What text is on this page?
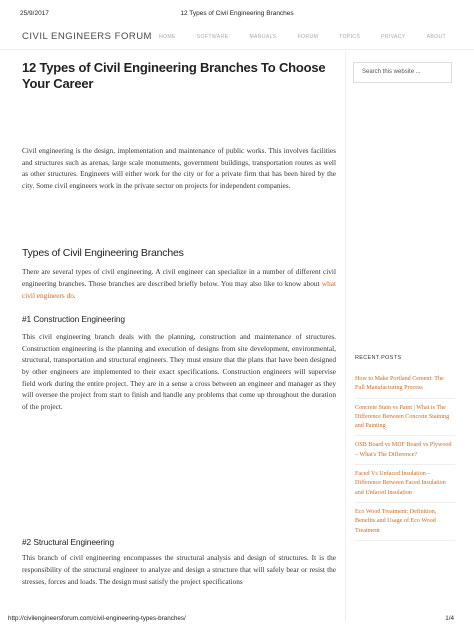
25/9/2017	12 Types of Civil Engineering Branches
CIVIL ENGINEERS FORUM HOME	SOFTWARE	MANUALS	FORUM	TOPICS	PRIVACY	ABOUT
12 Types of Civil Engineering Branches To Choose Your Career

Civil engineering is the design, implementation and maintenance of public works. This involves facilities and structures such as arenas, large scale monuments, government buildings, transportation routes as well as other structures. Engineers will either work for the city or for a private firm that has been hired by the city. Some civil engineers work in the private sector on projects for independent companies.

Types of Civil Engineering Branches

There are several types of civil engineering. A civil engineer can specialize in a number of different civil engineering branches. Those branches are described briefly below. You may also like to know about what civil engineers do.

#1 Construction Engineering

This civil engineering branch deals with the planning, construction and maintenance of structures. Construction engineering is the planning and execution of designs from site development, environmental, structural, transportation and structural engineers. They must ensure that the plans that have been designed by other engineers are implemented to their exact specifications. Construction engineers will supervise field work during the entire project. They are in a sense a cross between an engineer and manager as they will oversee the project from start to finish and handle any problems that come up throughout the duration of the project.

#2 Structural Engineering

This branch of civil engineering encompasses the structural analysis and design of structures. It is the responsibility of the structural engineer to analyze and design a structure that will safely bear or resist the stresses, forces and loads. The design must satisfy the project specifications

Search this website ...
RECENT POSTS
How to Make Portland Cement: The Full Manufacturing Process
Concrete Stain vs Paint | What is The Difference Between Concrete Staining and Painting
OSB Board vs MDF Board vs Plywood – What's The Difference?
Faced Vs Unfaced Insulation – Difference Between Faced Insulation and Unfaced Insulation
Eco Wood Treatment: Definition, Benefits and Usage of Eco Wood Treatment
http://civilengineersforum.com/civil-engineering-types-branches/	1/4
